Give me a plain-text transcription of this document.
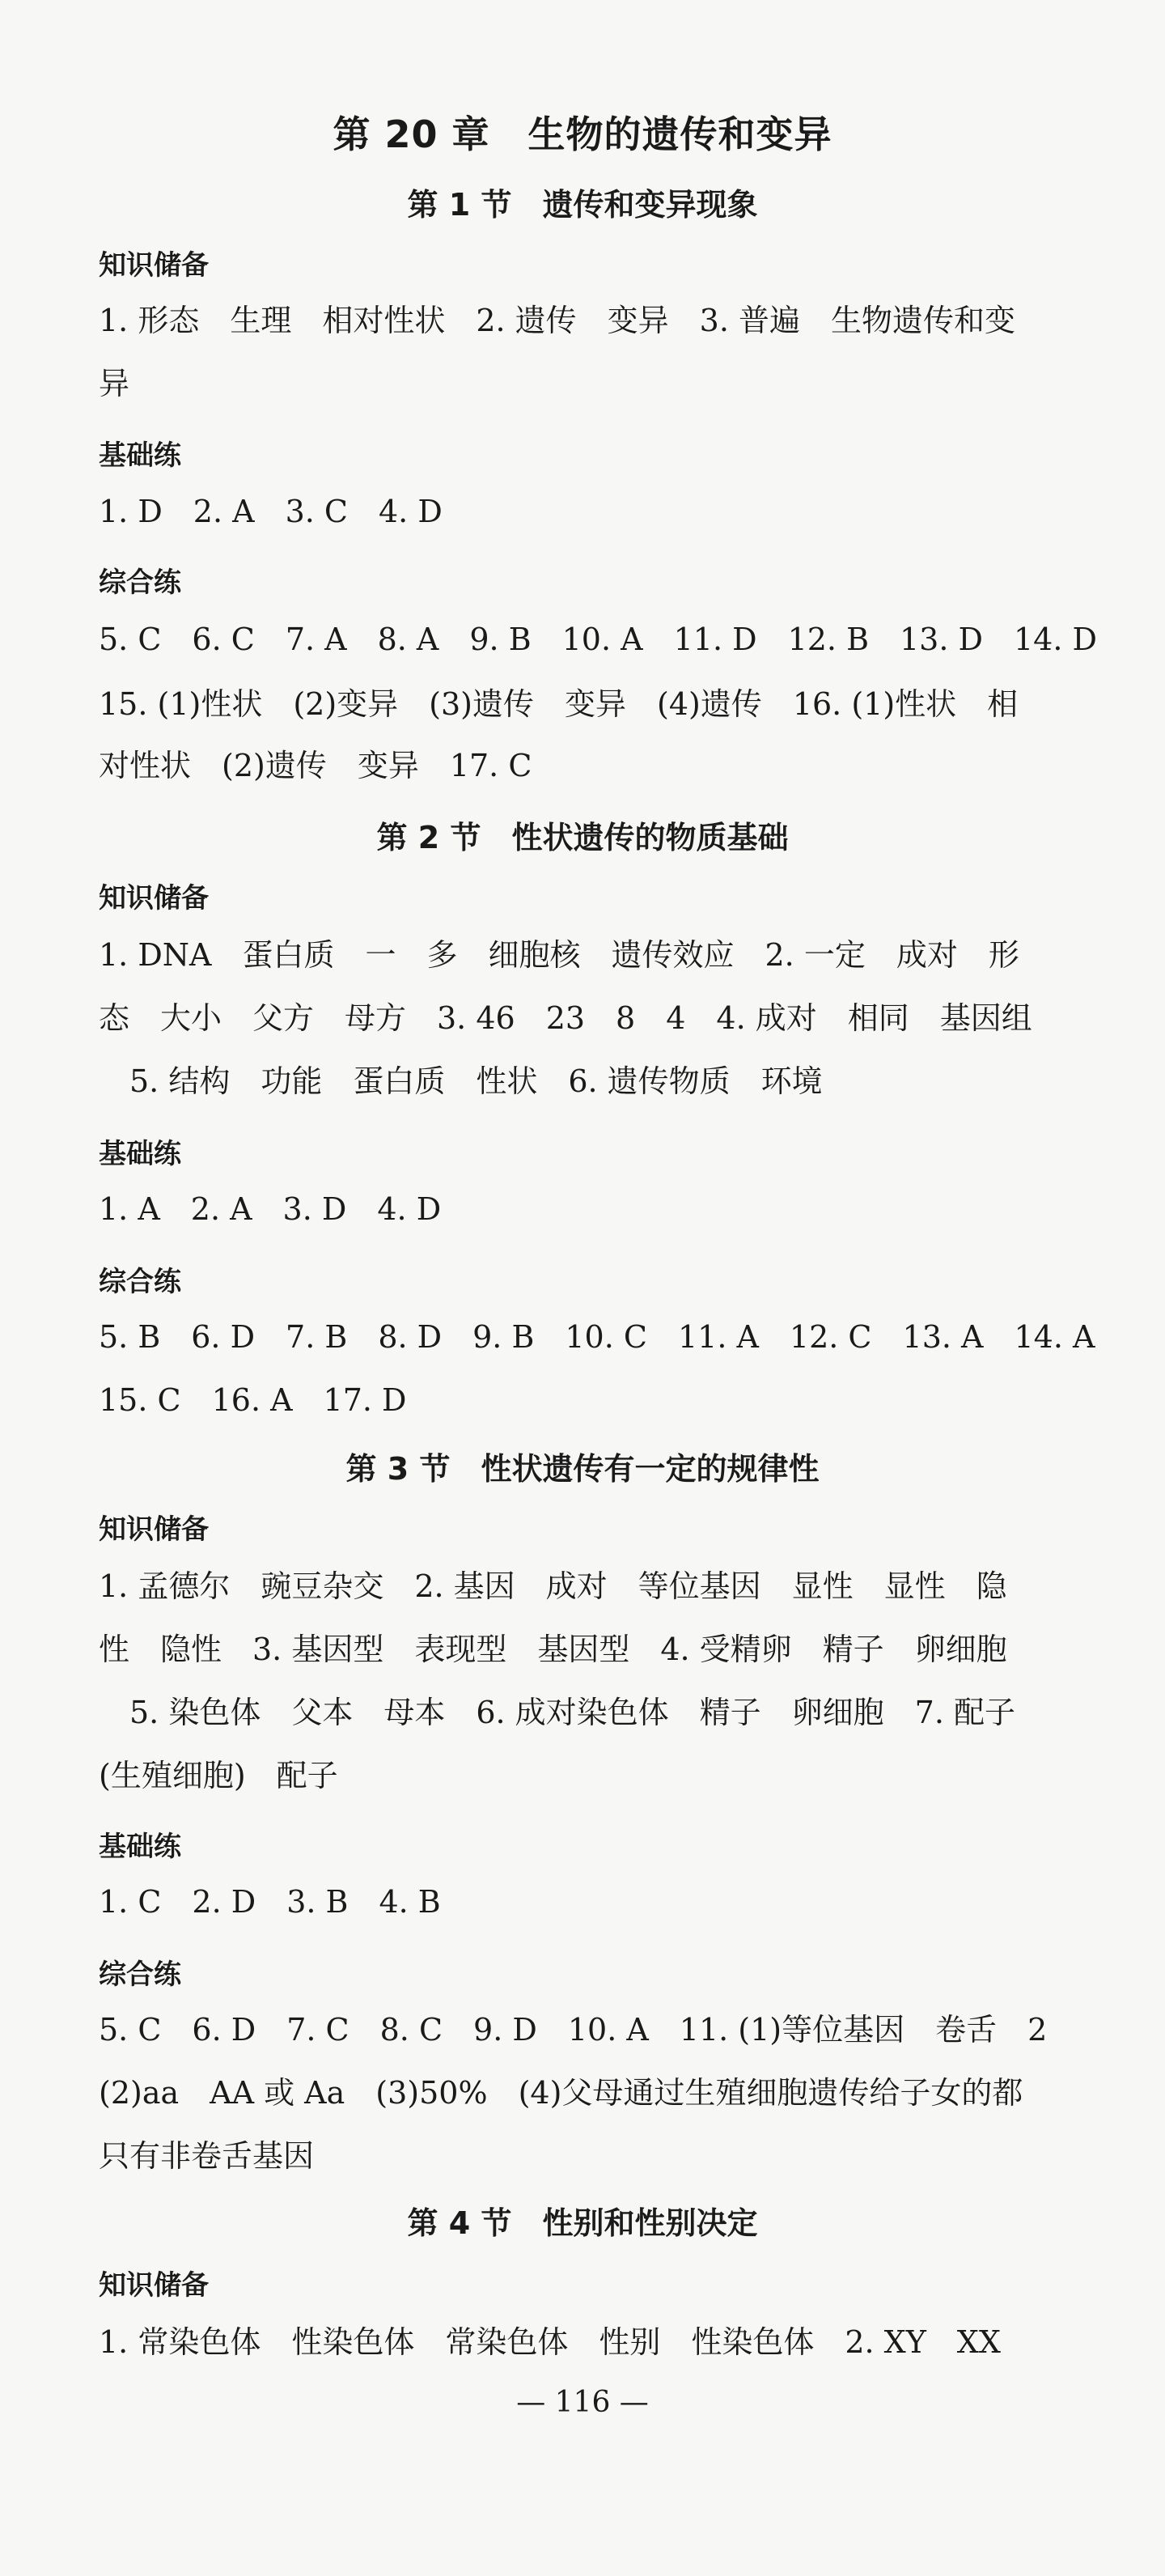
第 20 章　生物的遗传和变异
第 1 节　遗传和变异现象
知识储备
1. 形态　生理　相对性状　2. 遗传　变异　3. 普遍　生物遗传和变
异
基础练
1. D　2. A　3. C　4. D
综合练
5. C　6. C　7. A　8. A　9. B　10. A　11. D　12. B　13. D　14. D
15. (1)性状　(2)变异　(3)遗传　变异　(4)遗传　16. (1)性状　相
对性状　(2)遗传　变异　17. C
第 2 节　性状遗传的物质基础
知识储备
1. DNA　蛋白质　一　多　细胞核　遗传效应　2. 一定　成对　形
态　大小　父方　母方　3. 46　23　8　4　4. 成对　相同　基因组
5. 结构　功能　蛋白质　性状　6. 遗传物质　环境
基础练
1. A　2. A　3. D　4. D
综合练
5. B　6. D　7. B　8. D　9. B　10. C　11. A　12. C　13. A　14. A
15. C　16. A　17. D
第 3 节　性状遗传有一定的规律性
知识储备
1. 孟德尔　豌豆杂交　2. 基因　成对　等位基因　显性　显性　隐
性　隐性　3. 基因型　表现型　基因型　4. 受精卵　精子　卵细胞
5. 染色体　父本　母本　6. 成对染色体　精子　卵细胞　7. 配子
(生殖细胞)　配子
基础练
1. C　2. D　3. B　4. B
综合练
5. C　6. D　7. C　8. C　9. D　10. A　11. (1)等位基因　卷舌　2
(2)aa　AA 或 Aa　(3)50%　(4)父母通过生殖细胞遗传给子女的都
只有非卷舌基因
第 4 节　性别和性别决定
知识储备
1. 常染色体　性染色体　常染色体　性别　性染色体　2. XY　XX
— 116 —
